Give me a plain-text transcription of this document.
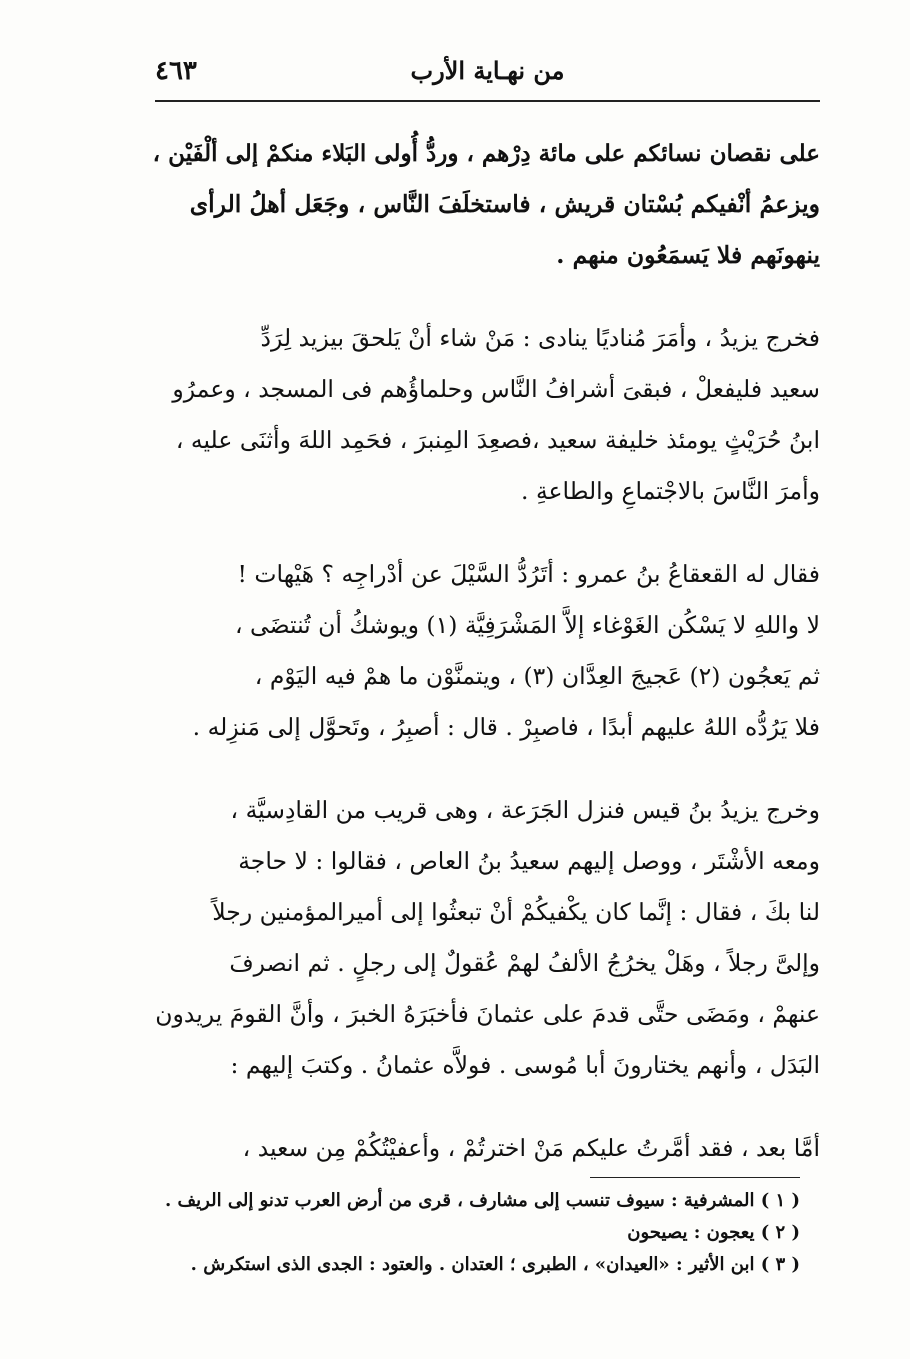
٤٦٣	من نهـاية الأرب

على نقصان نسائكم على مائة دِرْهم ، وردُّ أُولى البَلاء منكمْ إلى ألْفَيْن ،
ويزعمُ أنْفيكم بُسْتان قريش ، فاستخلَفَ النَّاس ، وجَعَل أهلُ الرأى
ينهونَهم فلا يَسمَعُون منهم .

فخرج يزيدُ ، وأمَرَ مُناديًا ينادى : مَنْ شاء أنْ يَلحقَ بيزيد لِرَدِّ
سعيد فليفعلْ ، فبقىَ أشرافُ النَّاس وحلماؤُهم فى المسجد ، وعمرُو
ابنُ حُرَيْثٍ يومئذ خليفة سعيد ،فصعِدَ المِنبرَ ، فحَمِد اللهَ وأثنَى عليه ،
وأمرَ النَّاسَ بالاجْتماعِ والطاعةِ .

فقال له القعقاعُ بنُ عمرو : أتَرُدُّ السَّيْلَ عن أدْراجِه ؟ هَيْهات !
لا واللهِ لا يَسْكُن الغَوْغاء إلاَّ المَشْرَفِيَّة (١) ويوشكُ أن تُنتضَى ،
ثم يَعجُون (٢) عَجيجَ العِدَّان (٣) ، ويتمنَّوْن ما همْ فيه اليَوْم ،
فلا يَرُدُّه اللهُ عليهم أبدًا ، فاصبِرْ . قال : أصبِرُ ، وتَحوَّل إلى مَنزِله .

وخرج يزيدُ بنُ قيس فنزل الجَرَعة ، وهى قريب من القادِسيَّة ،
ومعه الأشْتَر ، ووصل إليهم سعيدُ بنُ العاص ، فقالوا : لا حاجة
لنا بكَ ، فقال : إنَّما كان يكْفيكُمْ أنْ تبعثُوا إلى أميرالمؤمنين رجلاً
وإلىَّ رجلاً ، وهَلْ يخرُجُ الألفُ لهمْ عُقولٌ إلى رجلٍ . ثم انصرفَ
عنهمْ ، ومَضَى حتَّى قدمَ على عثمانَ فأخبَرَهُ الخبرَ ، وأنَّ القومَ يريدون
البَدَل ، وأنهم يختارونَ أبا مُوسى . فولاَّه عثمانُ . وكتبَ إليهم :

أمَّا بعد ، فقد أمَّرتُ عليكم مَنْ اخترتُمْ ، وأعفيْتُكُمْ مِن سعيد ،

( ١ ) المشرفية : سيوف تنسب إلى مشارف ، قرى من أرض العرب تدنو إلى الريف .
( ٢ ) يعجون : يصيحون
( ٣ ) ابن الأثير : «العيدان» ، الطبرى ؛ العتدان . والعتود : الجدى الذى استكرش .
